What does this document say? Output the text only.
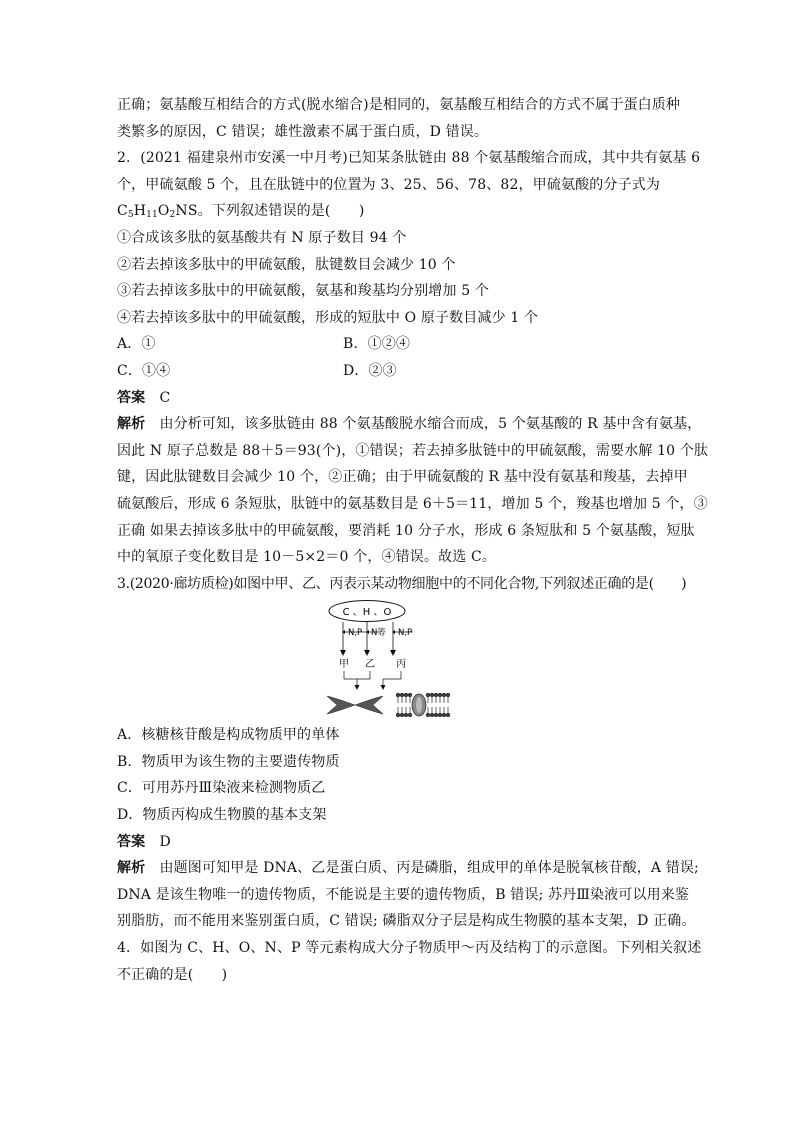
正确；氨基酸互相结合的方式(脱水缩合)是相同的，氨基酸互相结合的方式不属于蛋白质种
类繁多的原因，C 错误；雄性激素不属于蛋白质，D 错误。
2．(2021 福建泉州市安溪一中月考)已知某条肽链由 88 个氨基酸缩合而成，其中共有氨基 6
个，甲硫氨酸 5 个，且在肽链中的位置为 3、25、56、78、82，甲硫氨酸的分子式为
$C_5H_{11}O_2NS$。下列叙述错误的是(　　)
①合成该多肽的氨基酸共有 N 原子数目 94 个
②若去掉该多肽中的甲硫氨酸，肽键数目会减少 10 个
③若去掉该多肽中的甲硫氨酸，氨基和羧基均分别增加 5 个
④若去掉该多肽中的甲硫氨酸，形成的短肽中 O 原子数目减少 1 个
A．①	B．①②④
C．①④	D．②③
答案　 C
解析　 由分析可知，该多肽链由 88 个氨基酸脱水缩合而成，5 个氨基酸的 R 基中含有氨基，
因此 N 原子总数是 88＋5＝93(个)，①错误；若去掉多肽链中的甲硫氨酸，需要水解 10 个肽
键，因此肽键数目会减少 10 个，②正确；由于甲硫氨酸的 R 基中没有氨基和羧基，去掉甲
硫氨酸后，形成 6 条短肽，肽链中的氨基数目是 6＋5＝11，增加 5 个，羧基也增加 5 个，③
正确 如果去掉该多肽中的甲硫氨酸，要消耗 10 分子水，形成 6 条短肽和 5 个氨基酸，短肽
中的氧原子变化数目是 10－5×2＝0 个，④错误。故选 C。
3.(2020·廊坊质检)如图中甲、乙、丙表示某动物细胞中的不同化合物,下列叙述正确的是(　　)
C 、H 、O
N,P N等 N,P
甲 乙 丙
A．核糖核苷酸是构成物质甲的单体
B．物质甲为该生物的主要遗传物质
C．可用苏丹Ⅲ染液来检测物质乙
D．物质丙构成生物膜的基本支架
答案　 D
解析　 由题图可知甲是 DNA、乙是蛋白质、丙是磷脂，组成甲的单体是脱氧核苷酸，A 错误;
DNA 是该生物唯一的遗传物质，不能说是主要的遗传物质，B 错误; 苏丹Ⅲ染液可以用来鉴
别脂肪，而不能用来鉴别蛋白质，C 错误; 磷脂双分子层是构成生物膜的基本支架，D 正确。
4．如图为 C、H、O、N、P 等元素构成大分子物质甲～丙及结构丁的示意图。下列相关叙述
不正确的是(　　)
